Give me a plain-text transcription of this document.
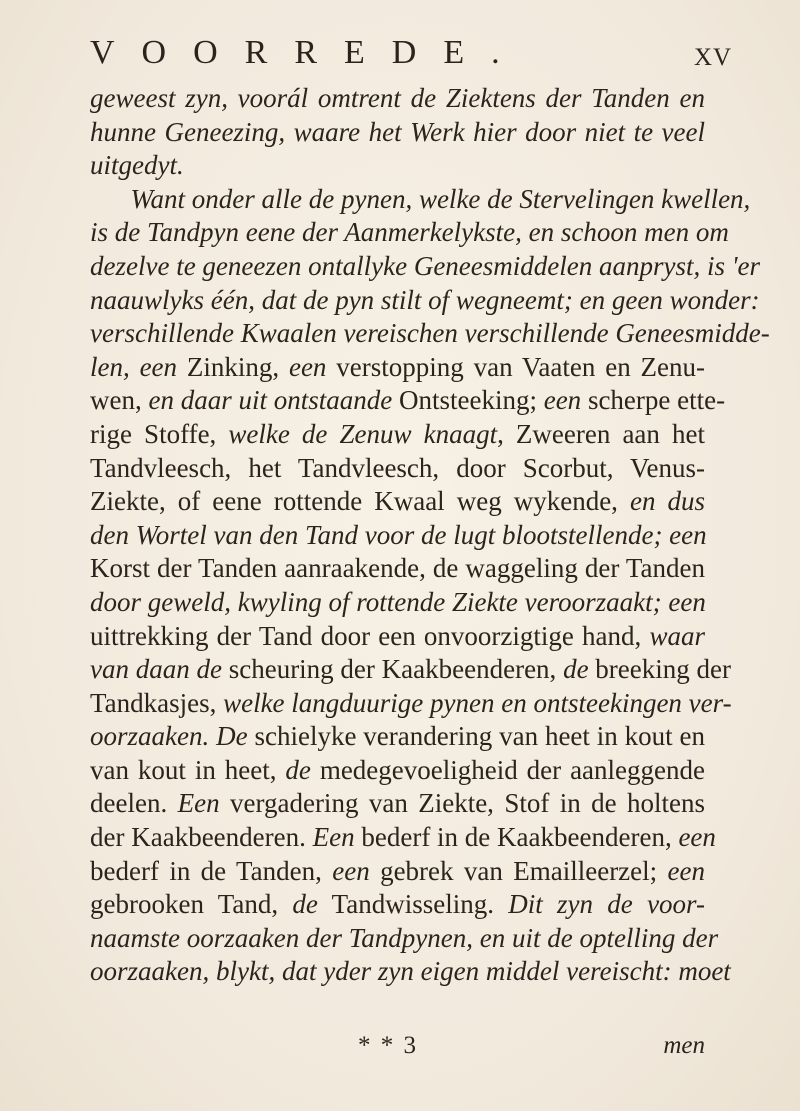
VOORREDE.	XV
geweest zyn, voorál omtrent de Ziektens der Tanden en
hunne Geneezing, waare het Werk hier door niet te veel
uitgedyt.
Want onder alle de pynen, welke de Stervelingen kwellen,
is de Tandpyn eene der Aanmerkelykste, en schoon men om
dezelve te geneezen ontallyke Geneesmiddelen aanpryst, is 'er
naauwlyks één, dat de pyn stilt of wegneemt; en geen wonder:
verschillende Kwaalen vereischen verschillende Geneesmidde-
len, een Zinking, een verstopping van Vaaten en Zenu-
wen, en daar uit ontstaande Ontsteeking; een scherpe ette-
rige Stoffe, welke de Zenuw knaagt, Zweeren aan het
Tandvleesch, het Tandvleesch, door Scorbut, Venus-
Ziekte, of eene rottende Kwaal weg wykende, en dus
den Wortel van den Tand voor de lugt blootstellende; een
Korst der Tanden aanraakende, de waggeling der Tanden
door geweld, kwyling of rottende Ziekte veroorzaakt; een
uittrekking der Tand door een onvoorzigtige hand, waar
van daan de scheuring der Kaakbeenderen, de breeking der
Tandkasjes, welke langduurige pynen en ontsteekingen ver-
oorzaaken. De schielyke verandering van heet in kout en
van kout in heet, de medegevoeligheid der aanleggende
deelen. Een vergadering van Ziekte, Stof in de holtens
der Kaakbeenderen. Een bederf in de Kaakbeenderen, een
bederf in de Tanden, een gebrek van Emailleerzel; een
gebrooken Tand, de Tandwisseling. Dit zyn de voor-
naamste oorzaaken der Tandpynen, en uit de optelling der
oorzaaken, blykt, dat yder zyn eigen middel vereischt: moet
* * 3	men
